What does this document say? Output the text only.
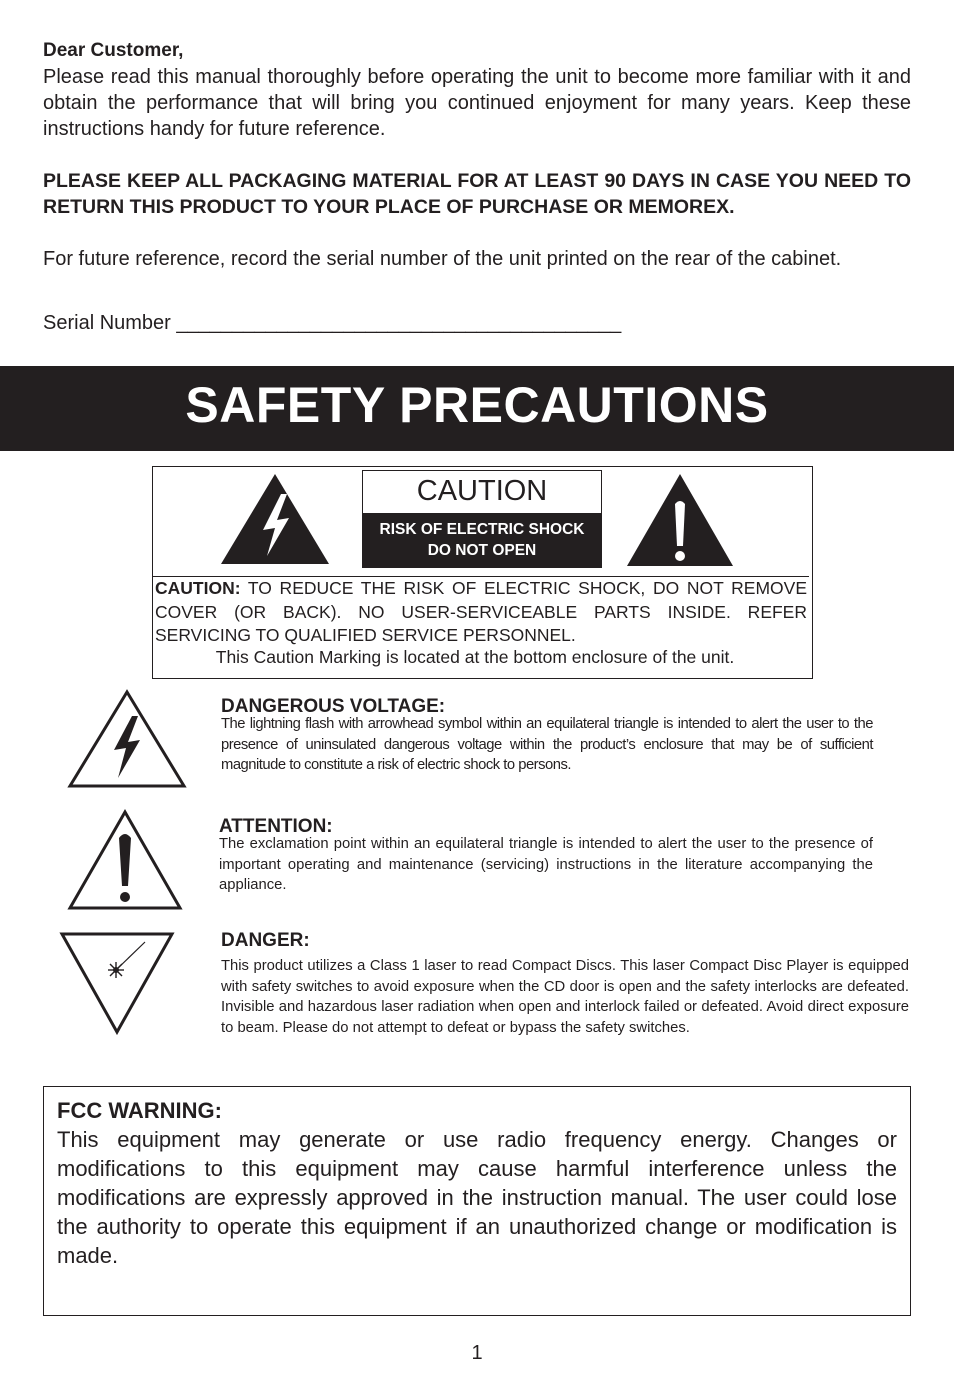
Dear Customer,

Please read this manual thoroughly before operating the unit to become more familiar with it and obtain the performance that will bring you continued enjoyment for many years. Keep these instructions handy for future reference.

PLEASE KEEP ALL PACKAGING MATERIAL FOR AT LEAST 90 DAYS IN CASE YOU NEED TO RETURN THIS PRODUCT TO YOUR PLACE OF PURCHASE OR MEMOREX.
For future reference, record the serial number of the unit printed on the rear of the cabinet.
Serial Number ________________________________________
SAFETY PRECAUTIONS
CAUTION
RISK OF ELECTRIC SHOCK
DO NOT OPEN
CAUTION: TO REDUCE THE RISK OF ELECTRIC SHOCK, DO NOT REMOVE COVER (OR BACK). NO USER-SERVICEABLE PARTS INSIDE. REFER SERVICING TO QUALIFIED SERVICE PERSONNEL.
This Caution Marking is located at the bottom enclosure of the unit.
DANGEROUS VOLTAGE:
The lightning flash with arrowhead symbol within an equilateral triangle is intended to alert the user to the presence of uninsulated dangerous voltage within the product’s enclosure that may be of sufficient magnitude to constitute a risk of electric shock to persons.
ATTENTION:
The exclamation point within an equilateral triangle is intended to alert the user to the presence of important operating and maintenance (servicing) instructions in the literature accompanying the appliance.
DANGER:
This product utilizes a Class 1 laser to read Compact Discs. This laser Compact Disc Player is equipped with safety switches to avoid exposure when the CD door is open and the safety interlocks are defeated. Invisible and hazardous laser radiation when open and interlock failed or defeated. Avoid direct exposure to beam. Please do not attempt to defeat or bypass the safety switches.
FCC WARNING:
This equipment may generate or use radio frequency energy. Changes or modifications to this equipment may cause harmful interference unless the modifications are expressly approved in the instruction manual. The user could lose the authority to operate this equipment if an unauthorized change or modification is made.
1
